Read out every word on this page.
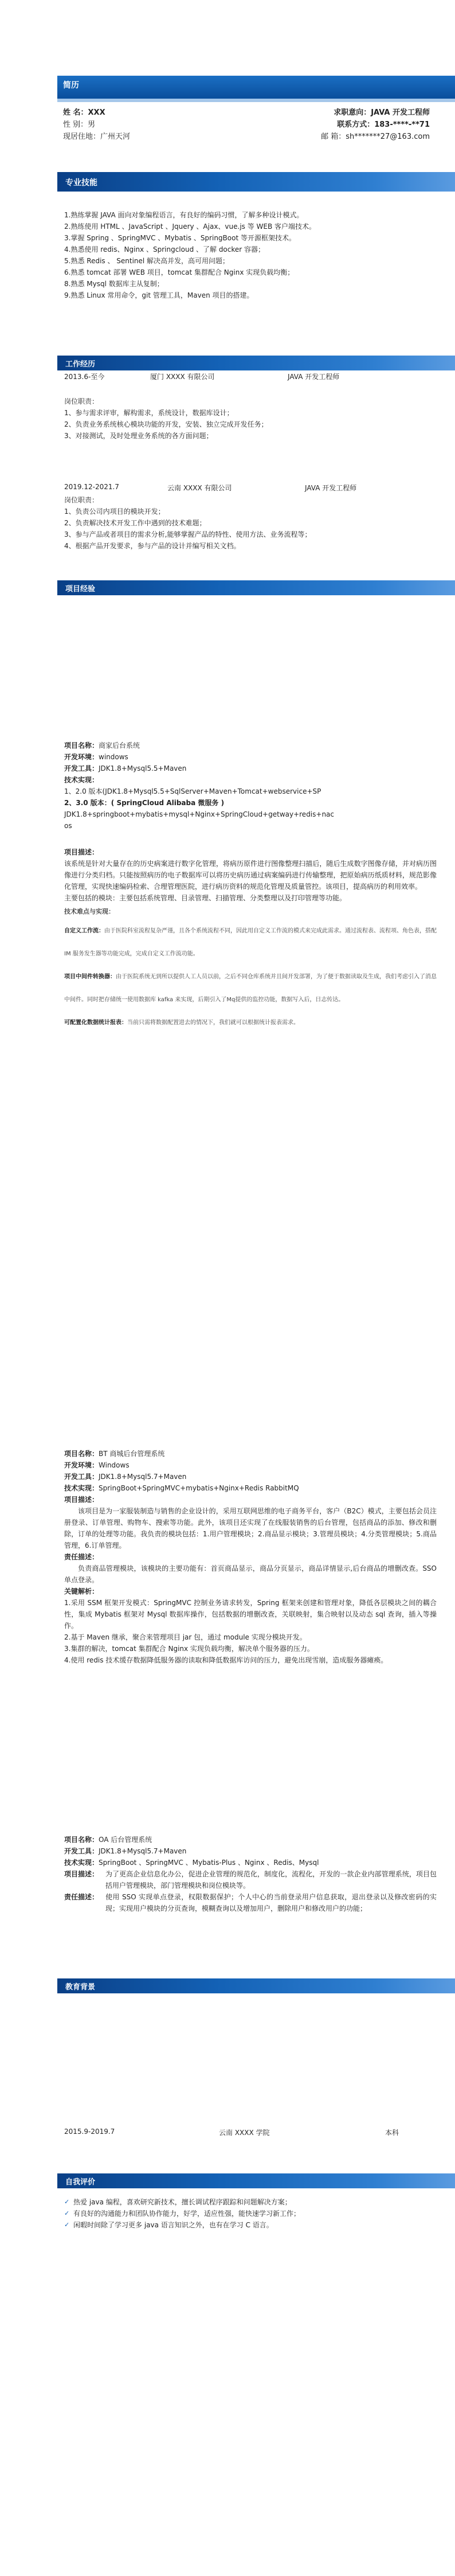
简历
姓 名：XXX	求职意向：JAVA 开发工程师
性 别：男	联系方式：183-****-**71
现居住地：广州天河	邮 箱：sh*******27@163.com
专业技能

1.熟练掌握 JAVA 面向对象编程语言，有良好的编码习惯，了解多种设计模式。

2.熟练使用 HTML 、JavaScript 、Jquery 、Ajax、vue.js 等 WEB 客户端技术。

3.掌握 Spring 、SpringMVC 、Mybatis 、SpringBoot 等开源框架技术。

4.熟悉使用 redis、Nginx 、Springcloud 、了解 docker 容器；

5.熟悉 Redis 、 Sentinel 解决高并发，高可用问题；

6.熟悉 tomcat 部署 WEB 项目，tomcat 集群配合 Nginx 实现负载均衡；

8.熟悉 Mysql 数据库主从复制；

9.熟悉 Linux 常用命令，git 管理工具，Maven 项目的搭建。

工作经历
2013.6-至今	厦门 XXXX 有限公司	JAVA 开发工程师

岗位职责：

1、参与需求评审，解构需求，系统设计，数据库设计；

2、负责业务系统核心模块功能的开发，安装、独立完成开发任务；

3、对接测试，及时处理业务系统的各方面问题；

2019.12-2021.7	云南 XXXX 有限公司	JAVA 开发工程师

岗位职责：

1、负责公司内项目的模块开发；

2、负责解决技术开发工作中遇到的技术难题；

3、参与产品或者项目的需求分析,能够掌握产品的特性、使用方法、业务流程等；

4、根据产品开发要求，参与产品的设计并编写相关文档。

项目经验

项目名称：商家后台系统

开发环境：windows

开发工具：JDK1.8+Mysql5.5+Maven

技术实现：

1、2.0 版本(JDK1.8+Mysql5.5+SqlServer+Maven+Tomcat+webservice+SP

2、3.0 版本：( SpringCloud Alibaba 微服务 )

JDK1.8+springboot+mybatis+mysql+Nginx+SpringCloud+getway+redis+nac

os

项目描述：

该系统是针对大量存在的历史病案进行数字化管理，将病历原件进行图像整理扫描后，随后生成数字图像存储，并对病历图像进行分类归档。只能按照病历的电子数据库可以将历史病历通过病案编码进行传输整理，把原始病历纸质材料，规范影像化管理，实现快速编码检索、合理管理医院，进行病历资料的规范化管理及质量管控。该项目，提高病历的利用效率。

主要包括的模块：主要包括系统管理、目录管理、扫描管理、分类整理以及打印管理等功能。

技术难点与实现：

自定义工作流：由于医院科室流程复杂严谨，且各个系统流程不同，因此用自定义工作流的模式来完成此需求。通过流程表、流程项、角色表，搭配 IM 服务发生器等功能完成，完成自定义工作流功能。

项目中间件转换器：由于医院系统无到所以提供人工人员以前，之后不同仓库系统并且间开发部署，为了便于数据读取及生成，我们考虑引入了消息中间件。同时把存储统一使用数据库 kafka 来实现，后期引入了Mq提供的监控功能，数据写入后，日志传达。

可配置化数据统计报表：当前只需将数据配置进去的情况下，我们就可以根据统计报表需求。

项目名称：BT 商城后台管理系统

开发环境：Windows

开发工具：JDK1.8+Mysql5.7+Maven

技术实现：SpringBoot+SpringMVC+mybatis+Nginx+Redis RabbitMQ

项目描述：

该项目是为一家服装制造与销售的企业设计的，采用互联网思维的电子商务平台，客户（B2C）模式，主要包括会员注册登录、订单管理、购物车、搜索等功能。此外，该项目还实现了在线服装销售的后台管理，包括商品的添加、修改和删除，订单的处理等功能。我负责的模块包括：1.用户管理模块；2.商品显示模块；3.管理员模块；4.分类管理模块；5.商品管理，6.订单管理。

责任描述：

负责商品管理模块，该模块的主要功能有：首页商品显示，商品分页显示，商品详情显示,后台商品的增删改查。SSO 单点登录。

关键解析：

1.采用 SSM 框架开发模式：SpringMVC 控制业务请求转发，Spring 框架来创建和管理对象，降低各层模块之间的耦合性，集成 Mybatis 框架对 Mysql 数据库操作，包括数据的增删改查，关联映射，集合映射以及动态 sql 查询，插入等操作。

2.基于 Maven 继承，聚合来管理项目 jar 包，通过 module 实现分模块开发。

3.集群的解决，tomcat 集群配合 Nginx 实现负载均衡，解决单个服务器的压力。

4.使用 redis 技术缓存数据降低服务器的读取和降低数据库访问的压力，避免出现雪崩，造成服务器瘫痪。

项目名称：OA 后台管理系统

开发工具：JDK1.8+Mysql5.7+Maven

技术实现：SpringBoot 、SpringMVC 、Mybatis-Plus 、Nginx 、Redis、Mysql

项目描述： 为了更高企业信息化办公，促进企业管理的规范化，制度化，流程化，开发的一款企业内部管理系统，项目包括用户管理模块，部门管理模块和岗位模块等。

责任描述： 使用 SSO 实现单点登录，权限数据保护；个人中心的当前登录用户信息获取，退出登录以及修改密码的实现；实现用户模块的分页查询，模糊查询以及增加用户，删除用户和修改用户的功能；

教育背景
2015.9-2019.7	云南 XXXX 学院	本科
自我评价
✓ 热爱 java 编程，喜欢研究新技术，擅长调试程序跟踪和问题解决方案；
✓ 有良好的沟通能力和团队协作能力，好学，适应性强，能快速学习新工作；
✓ 闲暇时间除了学习更多 java 语言知识之外，也有在学习 C 语言。
